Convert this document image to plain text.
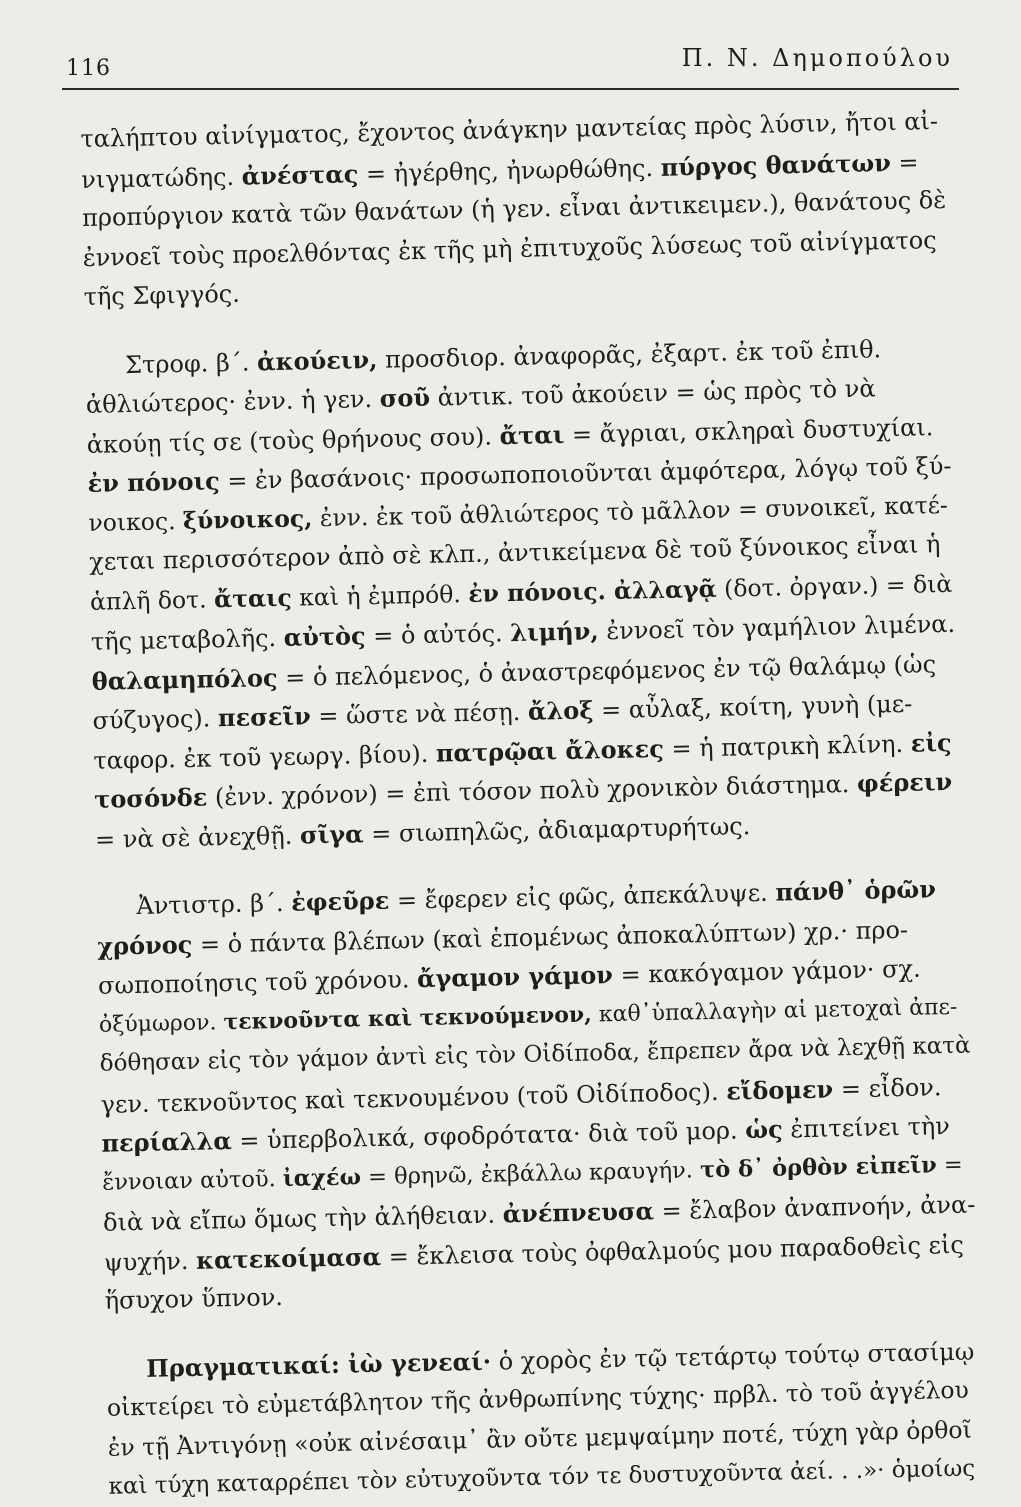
116	Π. Ν. Δημοπούλου
ταλήπτου αἰνίγματος, ἔχοντος ἀνάγκην μαντείας πρὸς λύσιν, ἤτοι αἰ-
νιγματώδης. ἀνέστας = ἠγέρθης, ἠνωρθώθης. πύργος θανάτων =
προπύργιον κατὰ τῶν θανάτων (ἡ γεν. εἶναι ἀντικειμεν.), θανάτους δὲ
ἐννοεῖ τοὺς προελθόντας ἐκ τῆς μὴ ἐπιτυχοῦς λύσεως τοῦ αἰνίγματος
τῆς Σφιγγός.
Στροφ. β΄. ἀκούειν, προσδιορ. ἀναφορᾶς, ἐξαρτ. ἐκ τοῦ ἐπιθ.
ἀθλιώτερος· ἐνν. ἡ γεν. σοῦ ἀντικ. τοῦ ἀκούειν = ὡς πρὸς τὸ νὰ
ἀκούῃ τίς σε (τοὺς θρήνους σου). ἄται = ἄγριαι, σκληραὶ δυστυχίαι.
ἐν πόνοις = ἐν βασάνοις· προσωποποιοῦνται ἀμφότερα, λόγῳ τοῦ ξύ-
νοικος. ξύνοικος, ἐνν. ἐκ τοῦ ἀθλιώτερος τὸ μᾶλλον = συνοικεῖ, κατέ-
χεται περισσότερον ἀπὸ σὲ κλπ., ἀντικείμενα δὲ τοῦ ξύνοικος εἶναι ἡ
ἁπλῆ δοτ. ἄταις καὶ ἡ ἐμπρόθ. ἐν πόνοις. ἀλλαγᾷ (δοτ. ὀργαν.) = διὰ
τῆς μεταβολῆς. αὐτὸς = ὁ αὐτός. λιμήν, ἐννοεῖ τὸν γαμήλιον λιμένα.
θαλαμηπόλος = ὁ πελόμενος, ὁ ἀναστρεφόμενος ἐν τῷ θαλάμῳ (ὡς
σύζυγος). πεσεῖν = ὥστε νὰ πέσῃ. ἄλοξ = αὖλαξ, κοίτη, γυνὴ (με-
ταφορ. ἐκ τοῦ γεωργ. βίου). πατρῷαι ἄλοκες = ἡ πατρικὴ κλίνη. εἰς
τοσόνδε (ἐνν. χρόνον) = ἐπὶ τόσον πολὺ χρονικὸν διάστημα. φέρειν
= νὰ σὲ ἀνεχθῇ. σῖγα = σιωπηλῶς, ἀδιαμαρτυρήτως.
Ἀντιστρ. β΄. ἐφεῦρε = ἔφερεν εἰς φῶς, ἀπεκάλυψε. πάνθ᾽ ὁρῶν
χρόνος = ὁ πάντα βλέπων (καὶ ἑπομένως ἀποκαλύπτων) χρ.· προ-
σωποποίησις τοῦ χρόνου. ἄγαμον γάμον = κακόγαμον γάμον· σχ.
ὀξύμωρον. τεκνοῦντα καὶ τεκνούμενον, καθ᾽ὑπαλλαγὴν αἱ μετοχαὶ ἀπε-
δόθησαν εἰς τὸν γάμον ἀντὶ εἰς τὸν Οἰδίποδα, ἔπρεπεν ἄρα νὰ λεχθῇ κατὰ
γεν. τεκνοῦντος καὶ τεκνουμένου (τοῦ Οἰδίποδος). εἴδομεν = εἶδον.
περίαλλα = ὑπερβολικά, σφοδρότατα· διὰ τοῦ μορ. ὡς ἐπιτείνει τὴν
ἔννοιαν αὐτοῦ. ἰαχέω = θρηνῶ, ἐκβάλλω κραυγήν. τὸ δ᾽ ὀρθὸν εἰπεῖν =
διὰ νὰ εἴπω ὅμως τὴν ἀλήθειαν. ἀνέπνευσα = ἔλαβον ἀναπνοήν, ἀνα-
ψυχήν. κατεκοίμασα = ἔκλεισα τοὺς ὀφθαλμούς μου παραδοθεὶς εἰς
ἥσυχον ὕπνον.
Πραγματικαί: ἰὼ γενεαί· ὁ χορὸς ἐν τῷ τετάρτῳ τούτῳ στασίμῳ
οἰκτείρει τὸ εὐμετάβλητον τῆς ἀνθρωπίνης τύχης· πρβλ. τὸ τοῦ ἀγγέλου
ἐν τῇ Ἀντιγόνῃ «οὐκ αἰνέσαιμ᾽ ἂν οὔτε μεμψαίμην ποτέ, τύχη γὰρ ὀρθοῖ
καὶ τύχη καταρρέπει τὸν εὐτυχοῦντα τόν τε δυστυχοῦντα ἀεί. . .»· ὁμοίως
